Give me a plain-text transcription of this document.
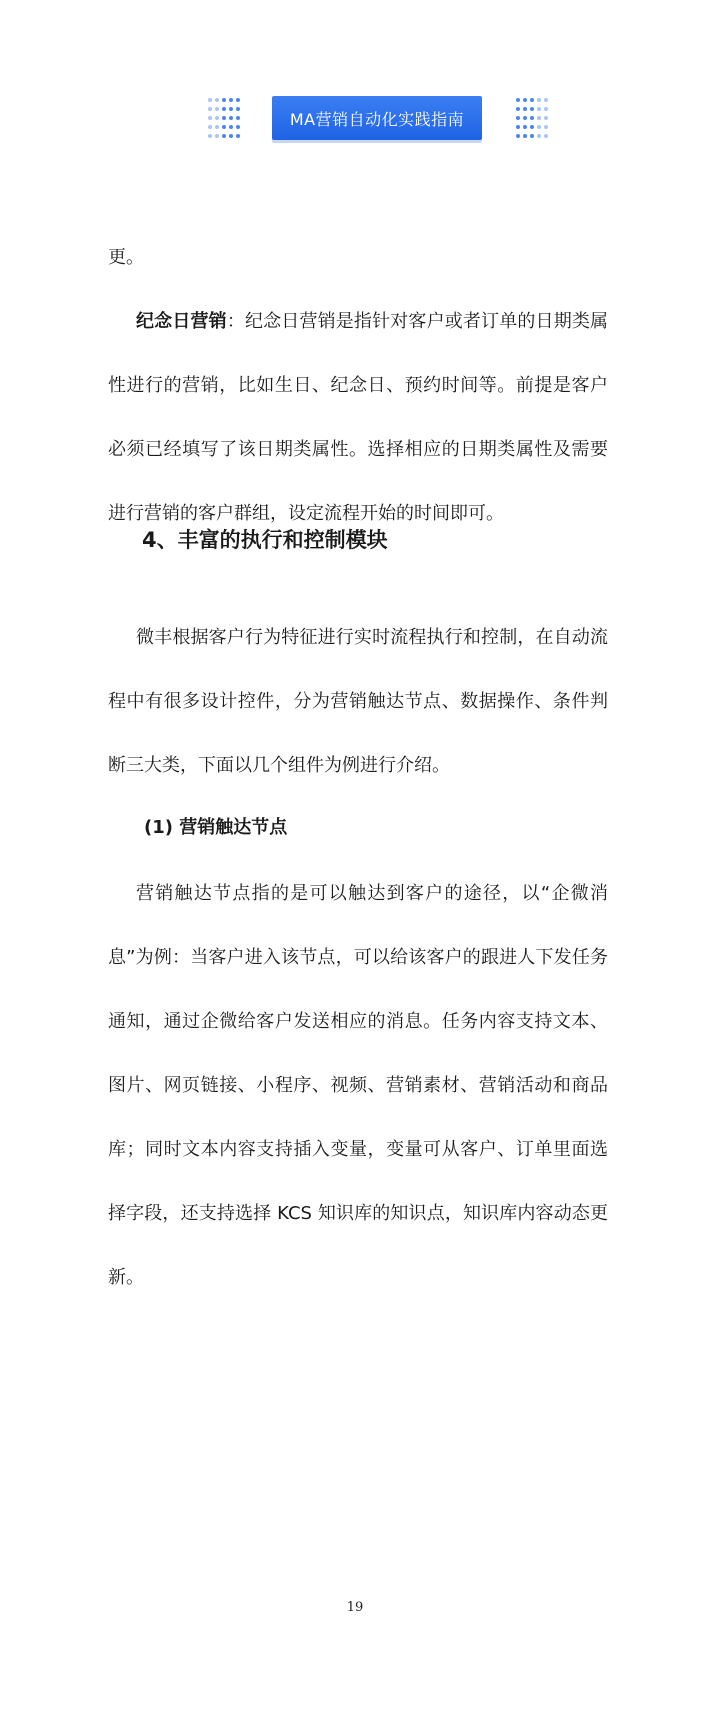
MA营销自动化实践指南

更。

纪念日营销：纪念日营销是指针对客户或者订单的日期类属性进行的营销，比如生日、纪念日、预约时间等。前提是客户必须已经填写了该日期类属性。选择相应的日期类属性及需要进行营销的客户群组，设定流程开始的时间即可。

4、丰富的执行和控制模块

微丰根据客户行为特征进行实时流程执行和控制，在自动流程中有很多设计控件，分为营销触达节点、数据操作、条件判断三大类，下面以几个组件为例进行介绍。

(1) 营销触达节点

营销触达节点指的是可以触达到客户的途径，以“企微消息”为例：当客户进入该节点，可以给该客户的跟进人下发任务通知，通过企微给客户发送相应的消息。任务内容支持文本、图片、网页链接、小程序、视频、营销素材、营销活动和商品库；同时文本内容支持插入变量，变量可从客户、订单里面选择字段，还支持选择 KCS 知识库的知识点，知识库内容动态更新。

19
